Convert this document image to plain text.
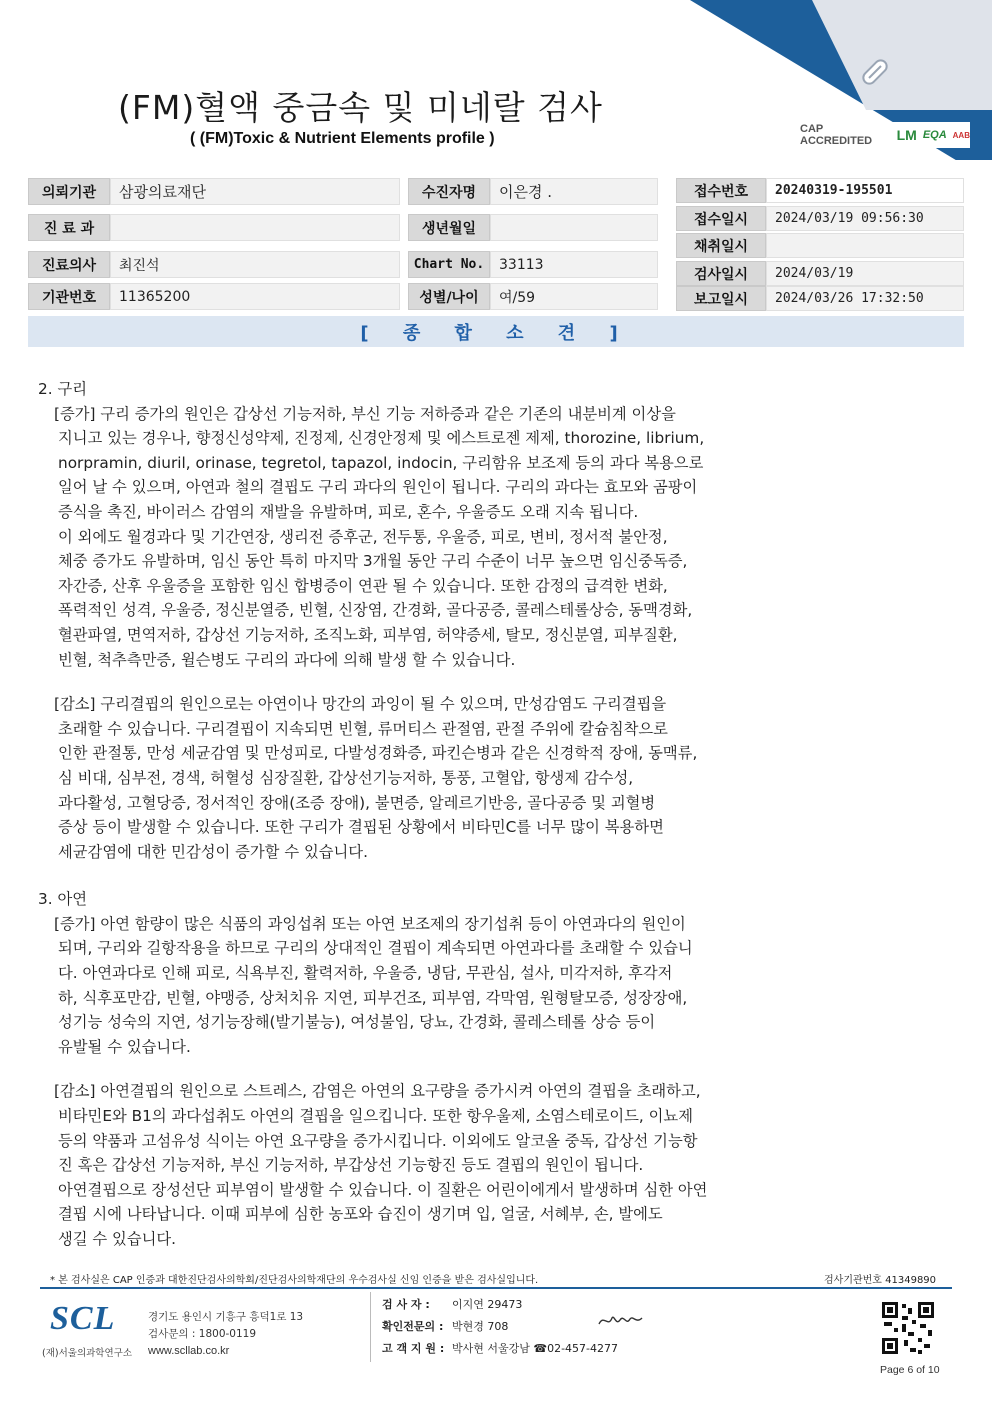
(FM)혈액 중금속 및 미네랄 검사
( (FM)Toxic & Nutrient Elements profile )
CAP ACCREDITED	LM EQA AAB
의뢰기관	삼광의료재단	수진자명	이은경 .
진 료 과	생년월일
진료의사	최진석	Chart No.	33113
기관번호	11365200	성별/나이	여/59
접수번호	20240319-195501
접수일시	2024/03/19 09:56:30
채취일시
검사일시	2024/03/19
보고일시	2024/03/26 17:32:50
[ 종 합 소 견 ]
2. 구리
[증가] 구리 증가의 원인은 갑상선 기능저하, 부신 기능 저하증과 같은 기존의 내분비계 이상을
지니고 있는 경우나, 향정신성약제, 진정제, 신경안정제 및 에스트로젠 제제, thorozine, librium,
norpramin, diuril, orinase, tegretol, tapazol, indocin, 구리함유 보조제 등의 과다 복용으로
일어 날 수 있으며, 아연과 철의 결핍도 구리 과다의 원인이 됩니다. 구리의 과다는 효모와 곰팡이
증식을 촉진, 바이러스 감염의 재발을 유발하며, 피로, 혼수, 우울증도 오래 지속 됩니다.
이 외에도 월경과다 및 기간연장, 생리전 증후군, 전두통, 우울증, 피로, 변비, 정서적 불안정,
체중 증가도 유발하며, 임신 동안 특히 마지막 3개월 동안 구리 수준이 너무 높으면 임신중독증,
자간증, 산후 우울증을 포함한 임신 합병증이 연관 될 수 있습니다. 또한 감정의 급격한 변화,
폭력적인 성격, 우울증, 정신분열증, 빈혈, 신장염, 간경화, 골다공증, 콜레스테롤상승, 동맥경화,
혈관파열, 면역저하, 갑상선 기능저하, 조직노화, 피부염, 허약증세, 탈모, 정신분열, 피부질환,
빈혈, 척추측만증, 윌슨병도 구리의 과다에 의해 발생 할 수 있습니다.
[감소] 구리결핍의 원인으로는 아연이나 망간의 과잉이 될 수 있으며, 만성감염도 구리결핍을
초래할 수 있습니다. 구리결핍이 지속되면 빈혈, 류머티스 관절염, 관절 주위에 칼슘침착으로
인한 관절통, 만성 세균감염 및 만성피로, 다발성경화증, 파킨슨병과 같은 신경학적 장애, 동맥류,
심 비대, 심부전, 경색, 허혈성 심장질환, 갑상선기능저하, 통풍, 고혈압, 항생제 감수성,
과다활성, 고혈당증, 정서적인 장애(조증 장애), 불면증, 알레르기반응, 골다공증 및 괴혈병
증상 등이 발생할 수 있습니다. 또한 구리가 결핍된 상황에서 비타민C를 너무 많이 복용하면
세균감염에 대한 민감성이 증가할 수 있습니다.
3. 아연
[증가] 아연 함량이 많은 식품의 과잉섭취 또는 아연 보조제의 장기섭취 등이 아연과다의 원인이
되며, 구리와 길항작용을 하므로 구리의 상대적인 결핍이 계속되면 아연과다를 초래할 수 있습니
다. 아연과다로 인해 피로, 식욕부진, 활력저하, 우울증, 냉담, 무관심, 설사, 미각저하, 후각저
하, 식후포만감, 빈혈, 야맹증, 상처치유 지연, 피부건조, 피부염, 각막염, 원형탈모증, 성장장애,
성기능 성숙의 지연, 성기능장해(발기불능), 여성불임, 당뇨, 간경화, 콜레스테롤 상승 등이
유발될 수 있습니다.
[감소] 아연결핍의 원인으로 스트레스, 감염은 아연의 요구량을 증가시켜 아연의 결핍을 초래하고,
비타민E와 B1의 과다섭취도 아연의 결핍을 일으킵니다. 또한 항우울제, 소염스테로이드, 이뇨제
등의 약품과 고섬유성 식이는 아연 요구량을 증가시킵니다. 이외에도 알코올 중독, 갑상선 기능항
진 혹은 갑상선 기능저하, 부신 기능저하, 부갑상선 기능항진 등도 결핍의 원인이 됩니다.
아연결핍으로 장성선단 피부염이 발생할 수 있습니다. 이 질환은 어린이에게서 발생하며 심한 아연
결핍 시에 나타납니다. 이때 피부에 심한 농포와 습진이 생기며 입, 얼굴, 서혜부, 손, 발에도
생길 수 있습니다.
* 본 검사실은 CAP 인증과 대한진단검사의학회/진단검사의학재단의 우수검사실 신임 인증을 받은 검사실입니다.	검사기관번호 41349890
SCL
(재)서울의과학연구소
경기도 용인시 기흥구 흥덕1로 13
검사문의 : 1800-0119
www.scllab.co.kr
검 사 자 : 이지연 29473
확인전문의 : 박현경 708
고 객 지 원 : 박사현 서울강남 ☎02-457-4277
Page 6 of 10
